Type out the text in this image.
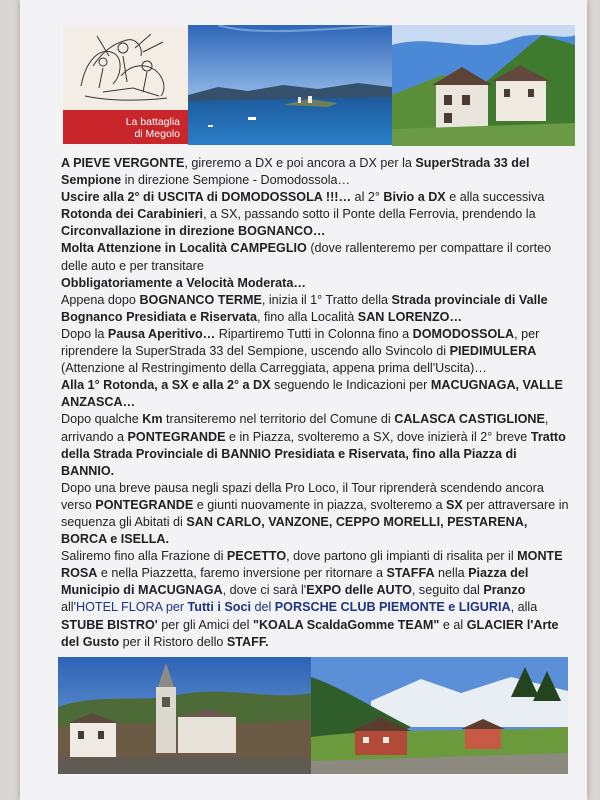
La battaglia
di Megolo

A PIEVE VERGONTE, gireremo a DX e poi ancora a DX per la SuperStrada 33 del Sempione in direzione Sempione - Domodossola…

Uscire alla 2° di USCITA di DOMODOSSOLA !!!… al 2° Bivio a DX e alla successiva Rotonda dei Carabinieri, a SX, passando sotto il Ponte della Ferrovia, prendendo la Circonvallazione in direzione BOGNANCO…

Molta Attenzione in Località CAMPEGLIO (dove rallenteremo per compattare il corteo delle auto e per transitare

Obbligatoriamente a Velocità Moderata…

Appena dopo BOGNANCO TERME, inizia il 1° Tratto della Strada provinciale di Valle Bognanco Presidiata e Riservata, fino alla Località SAN LORENZO…

Dopo la Pausa Aperitivo… Ripartiremo Tutti in Colonna fino a DOMODOSSOLA, per riprendere la SuperStrada 33 del Sempione, uscendo allo Svincolo di PIEDIMULERA (Attenzione al Restringimento della Carreggiata, appena prima dell'Uscita)…

Alla 1° Rotonda, a SX e alla 2° a DX seguendo le Indicazioni per MACUGNAGA, VALLE ANZASCA…

Dopo qualche Km transiteremo nel territorio del Comune di CALASCA CASTIGLIONE, arrivando a PONTEGRANDE e in Piazza, svolteremo a SX, dove inizierà il 2° breve Tratto della Strada Provinciale di BANNIO Presidiata e Riservata, fino alla Piazza di BANNIO.

Dopo una breve pausa negli spazi della Pro Loco, il Tour riprenderà scendendo ancora verso PONTEGRANDE e giunti nuovamente in piazza, svolteremo a SX per attraversare in sequenza gli Abitati di SAN CARLO, VANZONE, CEPPO MORELLI, PESTARENA, BORCA e ISELLA.

Saliremo fino alla Frazione di PECETTO, dove partono gli impianti di risalita per il MONTE ROSA e nella Piazzetta, faremo inversione per ritornare a STAFFA nella Piazza del Municipio di MACUGNAGA, dove ci sarà l'EXPO delle AUTO, seguito dal Pranzo all'HOTEL FLORA per Tutti i Soci del PORSCHE CLUB PIEMONTE e LIGURIA, alla STUBE BISTRO' per gli Amici del "KOALA ScaldaGomme TEAM" e al GLACIER l'Arte del Gusto per il Ristoro dello STAFF.
